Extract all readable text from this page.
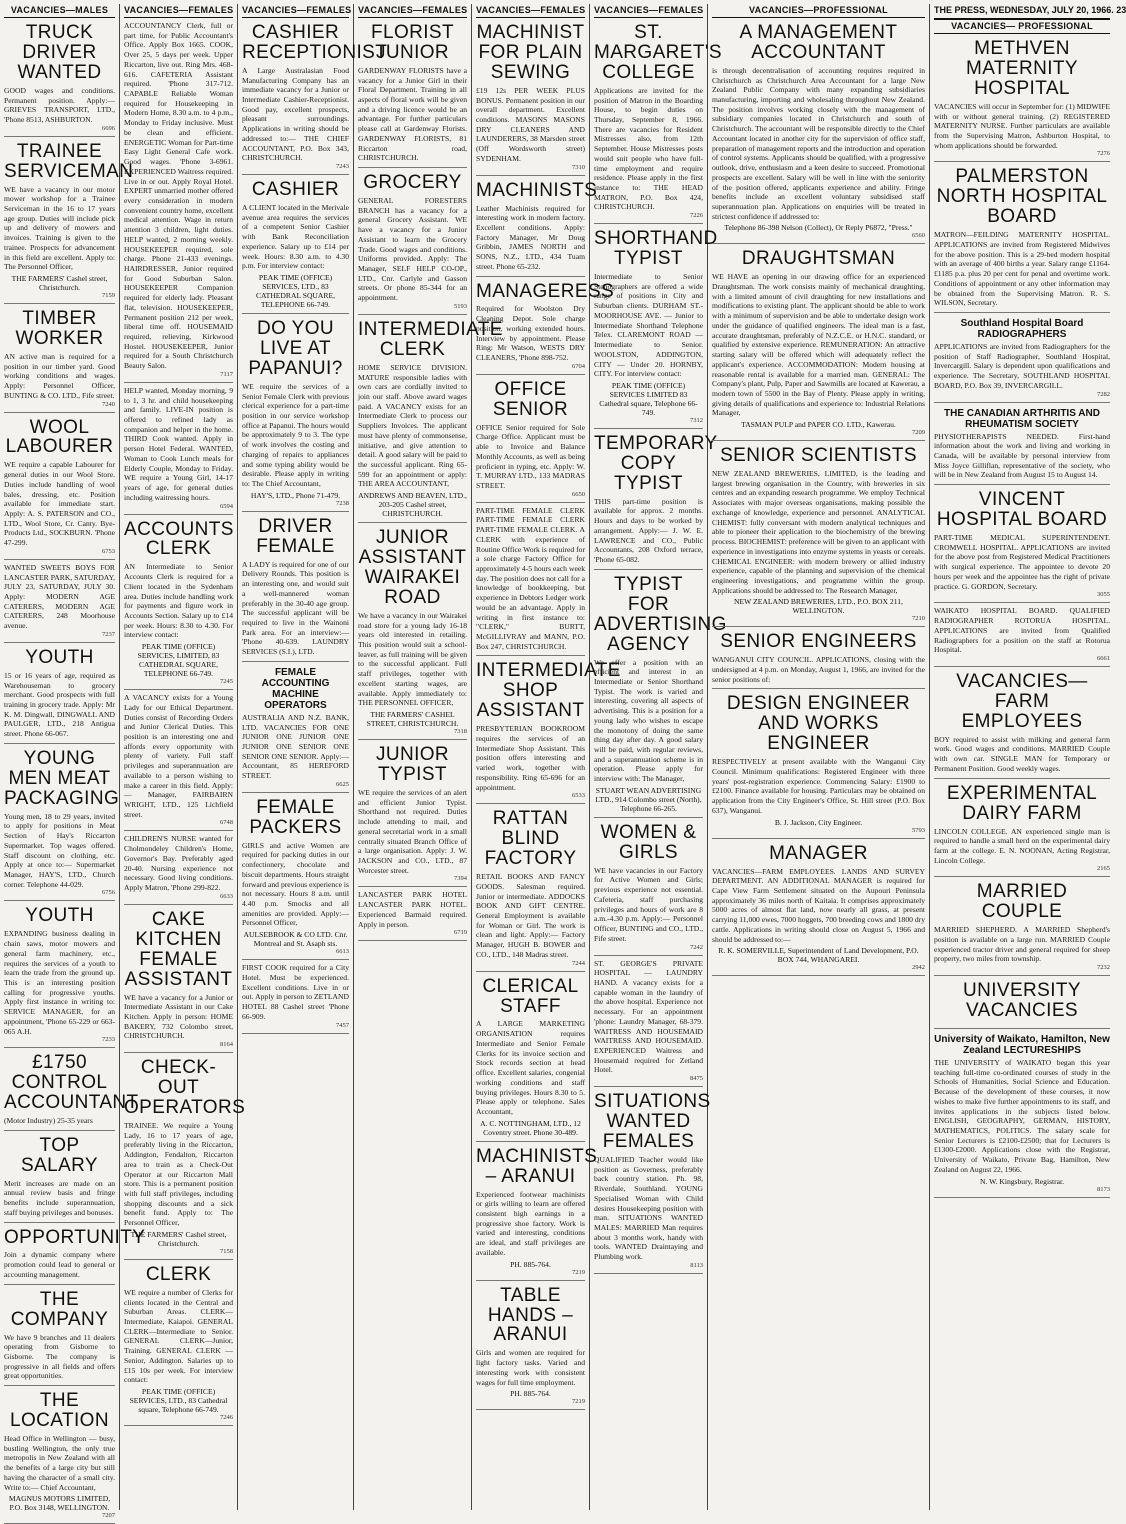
VACANCIES—MALES
TRUCK DRIVER WANTED

GOOD wages and conditions. Permanent position. Apply:— GRIEVES TRANSPORT, LTD., 'Phone 8513, ASHBURTON.

6696
TRAINEE SERVICEMAN

WE have a vacancy in our motor mower workshop for a Trainee Serviceman in the 16 to 17 years age group. Duties will include pick up and delivery of mowers and invoices. Training is given to the trainee. Prospects for advancement in this field are excellent. Apply to: The Personnel Officer,

THE FARMERS' Cashel street, Christchurch.
7159
TIMBER WORKER

AN active man is required for a position in our timber yard. Good working conditions and wages. Apply: Personnel Officer, BUNTING & CO. LTD., Fife street.

7240
WOOL LABOURER

WE require a capable Labourer for general duties in our Wool Store. Duties include handling of wool bales, dressing, etc. Position available for immediate start. Apply: A. S. PATERSON and CO., LTD., Wool Store, Cr. Canty. Bye-Products Ltd., SOCKBURN. 'Phone 47-299.

6753

WANTED SWEETS BOYS FOR LANCASTER PARK, SATURDAY, JULY 23, SATURDAY, JULY 30. Apply: MODERN AGE CATERERS, MODERN AGE CATERERS, 248 Moorhouse avenue.

7237
YOUTH

15 or 16 years of age, required as Warehouseman to grocery merchant. Good prospects with full training in grocery trade. Apply: Mr K. M. Dingwall, DINGWALL AND PAULGER, LTD., 218 Antigua street. Phone 66-067.

YOUNG MEN MEAT PACKAGING

Young men, 18 to 29 years, invited to apply for positions in Meat Section of Hay's Riccarton Supermarket. Top wages offered. Staff discount on clothing, etc. Apply at once to:— Supermarket Manager, HAY'S, LTD., Church corner. Telephone 44-029.

6756
YOUTH

EXPANDING business dealing in chain saws, motor mowers and general farm machinery, etc., requires the services of a youth to learn the trade from the ground up. This is an interesting position calling for progressive youths. Apply first instance in writing to: SERVICE MANAGER, for an appointment, 'Phone 65-229 or 663-065 A.H.

7233
£1750 CONTROL ACCOUNTANT

(Motor Industry) 25-35 years

TOP SALARY

Merit increases are made on an annual review basis and fringe benefits include superannuation, staff buying privileges and bonuses.

OPPORTUNITY

Join a dynamic company where promotion could lead to general or accounting management.

THE COMPANY

We have 9 branches and 11 dealers operating from Gisborne to Gisborne. The company is progressive in all fields and offers great opportunities.

THE LOCATION

Head Office in Wellington — busy, bustling Wellington, the only true metropolis in New Zealand with all the benefits of a large city but still having the character of a small city. Write to:— Chief Accountant,

MAGNUS MOTORS LIMITED, P.O. Box 3148, WELLINGTON.
7207
VACANCIES—FEMALES

ACCOUNTANCY Clerk, full or part time, for Public Accountant's Office. Apply Box 1665. COOK, Over 25, 5 days per week. Upper Riccarton, live out. Ring Mrs. 468-616. CAFETERIA Assistant required. 'Phone 317-712. CAPABLE Reliable Woman required for Housekeeping in Modern Home, 8.30 a.m. to 4 p.m., Monday to Friday inclusive. Must be clean and efficient. ENERGETIC Woman for Part-time Easy Light General Cafe work. Good wages. 'Phone 3-6961. EXPERIENCED Waitress required. Live in or out. Apply Royal Hotel. EXPERT unmarried mother offered every consideration in modern convenient country home, excellent medical attention. Wage in return attention 3 children, light duties. HELP wanted, 2 morning weekly. HOUSEKEEPER required, sole charge. Phone 21-433 evenings. HAIRDRESSER, Junior required for Good Suburban Salon. HOUSEKEEPER Companion required for elderly lady. Pleasant flat, television. HOUSEKEEPER, Permanent position 212 per week, liberal time off. HOUSEMAID required, relieving, Kirkwood Hostel. HOUSEKEEPER, Junior required for a South Christchurch Beauty Salon.

7117

HELP wanted, Monday morning, 9 to 1, 3 hr. and child housekeeping and family. LIVE-IN position is offered to refined lady as companion and helper in the home. THIRD Cook wanted. Apply in person Hotel Federal. WANTED, Woman to Cook Lunch meals for Elderly Couple, Monday to Friday. WE require a Young Girl, 14-17 years of age, for general duties including waitressing hours.

6594
ACCOUNTS CLERK

AN Intermediate to Senior Accounts Clerk is required for a Client located in the Sydenham area. Duties include handling work for payments and figure work in Accounts Section. Salary up to £14 per week. Hours: 8.30 to 4.30. For interview contact:

PEAK TIME (OFFICE) SERVICES, LIMITED, 83 CATHEDRAL SQUARE, TELEPHONE 66-749.
7245

A VACANCY exists for a Young Lady for our Ethical Department. Duties consist of Recording Orders and Junior Clerical Duties. This position is an interesting one and affords every opportunity with plenty of variety. Full staff privileges and superannuation are available to a person wishing to make a career in this field. Apply:— Manager, FAIRBAIRN WRIGHT, LTD., 125 Lichfield street.

6748

CHILDREN'S NURSE wanted for Cholmondeley Children's Home, Governor's Bay. Preferably aged 20-40. Nursing experience not necessary. Good living conditions. Apply Matron, 'Phone 299-822.

6633
CAKE KITCHEN FEMALE ASSISTANT

WE have a vacancy for a Junior or Intermediate Assistant in our Cake Kitchen. Apply in person: HOME BAKERY, 732 Colombo street, CHRISTCHURCH.

8164
CHECK-OUT OPERATORS

TRAINEE. We require a Young Lady, 16 to 17 years of age, preferably living in the Riccarton, Addington, Fendalton, Riccarton area to train as a Check-Out Operator at our Riccarton Mall store. This is a permanent position with full staff privileges, including shopping discounts and a sick benefit fund. Apply to: The Personnel Officer,

THE FARMERS' Cashel street, Christchurch.
7158
CLERK

WE require a number of Clerks for clients located in the Central and Suburban Areas. CLERK—Intermediate, Kaiapoi. GENERAL CLERK—Intermediate to Senior. GENERAL CLERK—Junior, Training. GENERAL CLERK — Senior, Addington. Salaries up to £15 10s per week. For interview contact:

PEAK TIME (OFFICE) SERVICES, LTD., 83 Cathedral square, Telephone 66-749.
7246
VACANCIES—FEMALES
CASHIER RECEPTIONIST

A Large Australasian Food Manufacturing Company has an immediate vacancy for a Junior or Intermediate Cashier-Receptionist. Good pay, excellent prospects, pleasant surroundings. Applications in writing should be addressed to:— THE CHIEF ACCOUNTANT, P.O. Box 343, CHRISTCHURCH.

7243
CASHIER

A CLIENT located in the Merivale avenue area requires the services of a competent Senior Cashier with Bank Reconciliation experience. Salary up to £14 per week. Hours: 8.30 a.m. to 4.30 p.m. For interview contact:

PEAK TIME (OFFICE) SERVICES, LTD., 83 CATHEDRAL SQUARE, TELEPHONE 66-749.
DO YOU LIVE AT PAPANUI?

WE require the services of a Senior Female Clerk with previous clerical experience for a part-time position in our service workshop office at Papanui. The hours would be approximately 9 to 3. The type of work involves the costing and charging of repairs to appliances and some typing ability would be desirable. Please apply in writing to: The Chief Accountant,

HAY'S, LTD., Phone 71-479.
7238
DRIVER FEMALE

A LADY is required for one of our Delivery Rounds. This position is an interesting one, and would suit a well-mannered woman preferably in the 30-40 age group. The successful applicant will be required to live in the Wainoni Park area. For an interview:— 'Phone 40-639. LAUNDRY SERVICES (S.I.), LTD.

FEMALE ACCOUNTING MACHINE OPERATORS

AUSTRALIA AND N.Z. BANK, LTD. VACANCIES FOR ONE JUNIOR ONE JUNIOR ONE JUNIOR ONE SENIOR ONE SENIOR ONE SENIOR. Apply:— Accountant, 85 HEREFORD STREET.

6625
FEMALE PACKERS

GIRLS and active Women are required for packing duties in our confectionery, chocolate and biscuit departments. Hours straight forward and previous experience is not necessary. Hours 8 a.m. until 4.40 p.m. Smocks and all amenities are provided. Apply:— Personnel Officer,

AULSEBROOK & CO LTD. Cnr. Montreal and St. Asaph sts.
6613

FIRST COOK required for a City Hotel. Must be experienced. Excellent conditions. Live in or out. Apply in person to ZETLAND HOTEL 88 Cashel street 'Phone 66-909.

7457
VACANCIES—FEMALES
FLORIST JUNIOR

GARDENWAY FLORISTS have a vacancy for a Junior Girl in their Floral Department. Training in all aspects of floral work will be given and a driving licence would be an advantage. For further particulars please call at Gardenway Florists. GARDENWAY FLORISTS, 81 Riccarton road, CHRISTCHURCH.

GROCERY

GENERAL FORESTERS BRANCH has a vacancy for a general Grocery Assistant. WE have a vacancy for a Junior Assistant to learn the Grocery Trade. Good wages and conditions. Uniforms provided. Apply: The Manager, SELF HELP CO-OP., LTD., Cnr. Carlyle and Gasson streets. Or phone 85-344 for an appointment.

5193
INTERMEDIATE CLERK

HOME SERVICE DIVISION. MATURE responsible ladies with own cars are cordially invited to join our staff. Above award wages paid. A VACANCY exists for an Intermediate Clerk to process our Suppliers Invoices. The applicant must have plenty of commonsense, initiative, and give attention to detail. A good salary will be paid to the successful applicant. Ring 65-599 for an appointment or apply: THE AREA ACCOUNTANT,

ANDREWS AND BEAVEN, LTD., 203-205 Cashel street, CHRISTCHURCH.
JUNIOR ASSISTANT WAIRAKEI ROAD

We have a vacancy in our Wairakei road store for a young lady 16-18 years old interested in retailing. This position would suit a school-leaver, as full training will be given to the successful applicant. Full staff privileges, together with excellent starting wages, are available. Apply immediately to: THE PERSONNEL OFFICER,

THE FARMERS' CASHEL STREET, CHRISTCHURCH.
7318
JUNIOR TYPIST

WE require the services of an alert and efficient Junior Typist. Shorthand not required. Duties include attending to mail, and general secretarial work in a small centrally situated Branch Office of a large organisation. Apply: J. W. JACKSON and CO., LTD., 87 Worcester street.

7394

LANCASTER PARK HOTEL LANCASTER PARK HOTEL. Experienced Barmaid required. Apply in person.

6719
VACANCIES—FEMALES
MACHINIST FOR PLAIN SEWING

£19 12s PER WEEK PLUS BONUS. Permanent position in our overall department. Excellent conditions. MASONS MASONS DRY CLEANERS AND LAUNDERERS, 38 Marsden street (Off Wordsworth street) SYDENHAM.

7310
MACHINISTS

Leather Machinists required for interesting work in modern factory. Excellent conditions. Apply: Factory Manager, Mr Doug Gribbin, JAMES NORTH and SONS, N.Z., LTD., 434 Tuam street. Phone 65-232.

MANAGERESS

Required for Woolston Dry Cleaning Depot. Sole charge position, working extended hours. Interview by appointment. Please Ring: Mr Watson, WESTS DRY CLEANERS, 'Phone 898-752.

6704
OFFICE SENIOR

OFFICE Senior required for Sole Charge Office. Applicant must be able to Invoice and Balance Monthly Accounts, as well as being proficient in typing, etc. Apply: W. T. MURRAY LTD., 133 MADRAS STREET.

6650

PART-TIME FEMALE CLERK PART-TIME FEMALE CLERK PART-TIME FEMALE CLERK. A CLERK with experience of Routine Office Work is required for a sole charge Factory Office for approximately 4-5 hours each week day. The position does not call for a knowledge of bookkeeping, but experience in Debtors Ledger work would be an advantage. Apply in writing in first instance to: "CLERK," BURTT, McGILLIVRAY and MANN, P.O. Box 247, CHRISTCHURCH.

INTERMEDIATE SHOP ASSISTANT

PRESBYTERIAN BOOKROOM requires the services of an Intermediate Shop Assistant. This position offers interesting and varied work, together with responsibility. Ring 65-696 for an appointment.

6533
RATTAN BLIND FACTORY

RETAIL BOOKS AND FANCY GOODS. Salesman required. Junior or intermediate. ADDOCKS BOOK AND GIFT CENTRE. General Employment is available for Woman or Girl. The work is clean and light. Apply:— Factory Manager, HUGH B. BOWER and CO., LTD., 148 Madras street.

7244
CLERICAL STAFF

A LARGE MARKETING ORGANISATION requires Intermediate and Senior Female Clerks for its invoice section and Stock records section at head office. Excellent salaries, congenial working conditions and staff buying privileges. Hours 8.30 to 5. Please apply or telephone. Sales Accountant,

A. C. NOTTINGHAM, LTD., 12 Coventry street. Phone 30-489.
MACHINISTS – ARANUI

Experienced footwear machinists or girls willing to learn are offered consistent high earnings in a progressive shoe factory. Work is varied and interesting, conditions are ideal, and staff privileges are available.

PH. 885-764.
7219
TABLE HANDS – ARANUI

Girls and women are required for light factory tasks. Varied and interesting work with consistent wages for full time employment.

PH. 885-764.
7219
VACANCIES—FEMALES
ST. MARGARET'S COLLEGE

Applications are invited for the position of Matron in the Boarding House, to begin duties on Thursday, September 8, 1966. There are vacancies for Resident Mistresses also, from 12th September. House Mistresses posts would suit people who have full-time employment and require residence. Please apply in the first instance to: THE HEAD MATRON, P.O. Box 424, CHRISTCHURCH.

7226
SHORTHAND TYPIST

Intermediate to Senior Stenographers are offered a wide range of positions in City and Suburban clients. DURHAM ST.-MOORHOUSE AVE. — Junior to Intermediate Shorthand Telephone Telex. CLAREMONT ROAD — Intermediate to Senior. WOOLSTON, ADDINGTON, CITY — Under 20. HORNBY, CITY. For interview contact:

PEAK TIME (OFFICE) SERVICES LIMITED 83 Cathedral square, Telephone 66-749.
7312
TEMPORARY COPY TYPIST

THIS part-time position is available for approx. 2 months. Hours and days to be worked by arrangement. Apply:— J. W. E. LAWRENCE and CO., Public Accountants, 208 Oxford terrace, 'Phone 65-082.

TYPIST FOR ADVERTISING AGENCY

We offer a position with an efficient and interest in an Intermediate or Senior Shorthand Typist. The work is varied and interesting, covering all aspects of advertising. This is a position for a young lady who wishes to escape the monotony of doing the same thing day after day. A good salary will be paid, with regular reviews, and a superannuation scheme is in operation. Please apply for interview with: The Manager,

STUART WEAN ADVERTISING LTD., 914 Colombo street (North), Telephone 66-265.
WOMEN & GIRLS

WE have vacancies in our Factory for Active Women and Girls; previous experience not essential. Cafeteria, staff purchasing privileges and hours of work are 8 a.m.-4.30 p.m. Apply:— Personnel Officer, BUNTING and CO., LTD., Fife street.

7242

ST. GEORGE'S PRIVATE HOSPITAL — LAUNDRY HAND. A vacancy exists for a capable woman in the laundry of the above hospital. Experience not necessary. For an appointment 'phone: Laundry Manager, 68-379. WAITRESS AND HOUSEMAID WAITRESS AND HOUSEMAID. EXPERIENCED Waitress and Housemaid required for Zetland Hotel.

8475
SITUATIONS WANTED FEMALES

QUALIFIED Teacher would like position as Governess, preferably back country station. Ph. 98, Riverdale, Southland. YOUNG Specialised Woman with Child desires Housekeeping position with man. SITUATIONS WANTED MALES: MARRIED Man requires about 3 months work, handy with tools. WANTED Draintaying and Plumbing work.

8113
VACANCIES—PROFESSIONAL
A MANAGEMENT ACCOUNTANT

is through decentralisation of accounting requires required in Christchurch as Christchurch Area Accountant for a large New Zealand Public Company with many expanding subsidiaries manufacturing, importing and wholesaling throughout New Zealand. The position involves working closely with the management of subsidiary companies located in Christchurch and south of Christchurch. The accountant will be responsible directly to the Chief Accountant located in another city for the supervision of office staff, preparation of management reports and the introduction and operation of control systems. Applicants should be qualified, with a progressive outlook, drive, enthusiasm and a keen desire to succeed. Promotional prospects are excellent. Salary will be well in line with the seniority of the position offered, applicants experience and ability. Fringe benefits include an excellent voluntary subsidised staff superannuation plan. Applications on enquiries will be treated in strictest confidence if addressed to:

Telephone 86-398 Nelson (Collect), Or Reply P6872, "Press."
6560
DRAUGHTSMAN

WE HAVE an opening in our drawing office for an experienced Draughtsman. The work consists mainly of mechanical draughting, with a limited amount of civil draughting for new installations and modifications to existing plant. The applicant should be able to work with a minimum of supervision and be able to undertake design work under the guidance of qualified engineers. The ideal man is a fast, accurate draughtsman, preferably of N.Z.C.E. or H.N.C. standard, or qualified by extensive experience. REMUNERATION: An attractive starting salary will be offered which will adequately reflect the applicant's experience. ACCOMMODATION: Modern housing at reasonable rental is available for a married man. GENERAL: The Company's plant, Pulp, Paper and Sawmills are located at Kawerau, a modern town of 5500 in the Bay of Plenty. Please apply in writing, giving details of qualifications and experience to: Industrial Relations Manager,

TASMAN PULP and PAPER CO. LTD., Kawerau.
7209
SENIOR SCIENTISTS

NEW ZEALAND BREWERIES, LIMITED, is the leading and largest brewing organisation in the Country, with breweries in six centres and an expanding research programme. We employ Technical Associates with major overseas organisations, making possible the exchange of knowledge, experience and personnel. ANALYTICAL CHEMIST: fully conversant with modern analytical techniques and able to pioneer their application to the biochemistry of the brewing process. BIOCHEMIST: preference will be given to an applicant with experience in investigations into enzyme systems in yeasts or cereals. CHEMICAL ENGINEER: with modern brewery or allied industry experience, capable of the planning and supervision of the chemical engineering investigations, and programme within the group. Applications should be addressed to: The Research Manager,

NEW ZEALAND BREWERIES, LTD., P.O. BOX 211, WELLINGTON.
7210
SENIOR ENGINEERS

WANGANUI CITY COUNCIL. APPLICATIONS, closing with the undersigned at 4 p.m. on Monday, August 1, 1966, are invited for the senior positions of:

DESIGN ENGINEER AND WORKS ENGINEER

RESPECTIVELY at present available with the Wanganui City Council. Minimum qualifications: Registered Engineer with three years' post-registration experience. Commencing Salary: £1900 to £2100. Finance available for housing. Particulars may be obtained on application from the City Engineer's Office, St. Hill street (P.O. Box 637), Wanganui.

B. J. Jackson, City Engineer.
5793
MANAGER

VACANCIES—FARM EMPLOYEES. LANDS AND SURVEY DEPARTMENT. AN ADDITIONAL MANAGER is required for Cape View Farm Settlement situated on the Aupouri Peninsula approximately 36 miles north of Kaitaia. It comprises approximately 5000 acres of almost flat land, now nearly all grass, at present carrying 11,000 ewes, 7000 hoggets, 700 breeding cows and 1800 dry cattle. Applications in writing should close on August 5, 1966 and should be addressed to:—

R. K. SOMERVILLE, Superintendent of Land Development, P.O. BOX 744, WHANGAREI.
2942
THE PRESS, WEDNESDAY, JULY 20, 1966. 23
VACANCIES— PROFESSIONAL
METHVEN MATERNITY HOSPITAL

VACANCIES will occur in September for: (1) MIDWIFE with or without general training. (2) REGISTERED MATERNITY NURSE. Further particulars are available from the Supervising Matron, Ashburton Hospital, to whom applications should be forwarded.

7276
PALMERSTON NORTH HOSPITAL BOARD

MATRON—FEILDING MATERNITY HOSPITAL. APPLICATIONS are invited from Registered Midwives for the above position. This is a 29-bed modern hospital with an average of 400 births a year. Salary range £1164-£1185 p.a. plus 20 per cent for penal and overtime work. Conditions of appointment or any other information may be obtained from the Supervising Matron. R. S. WILSON, Secretary.

Southland Hospital Board RADIOGRAPHERS

APPLICATIONS are invited from Radiographers for the position of Staff Radiographer, Southland Hospital, Invercargill. Salary is dependent upon qualifications and experience. The Secretary, SOUTHLAND HOSPITAL BOARD, P.O. Box 39, INVERCARGILL.

7282
THE CANADIAN ARTHRITIS AND RHEUMATISM SOCIETY

PHYSIOTHERAPISTS NEEDED. First-hand information about the work and living and working in Canada, will be available by personal interview from Miss Joyce Gilliflan, representative of the society, who will be in New Zealand from August 15 to August 14.

VINCENT HOSPITAL BOARD

PART-TIME MEDICAL SUPERINTENDENT. CROMWELL HOSPITAL. APPLICATIONS are invited for the above post from Registered Medical Practitioners with surgical experience. The appointee to devote 20 hours per week and the appointee has the right of private practice. G. GORDON, Secretary.

3055

WAIKATO HOSPITAL BOARD. QUALIFIED RADIOGRAPHER ROTORUA HOSPITAL. APPLICATIONS are invited from Qualified Radiographers for a position on the staff at Rotorua Hospital.

6661
VACANCIES—FARM EMPLOYEES

BOY required to assist with milking and general farm work. Good wages and conditions. MARRIED Couple with own car. SINGLE MAN for Temporary or Permanent Position. Good weekly wages.

EXPERIMENTAL DAIRY FARM

LINCOLN COLLEGE. AN experienced single man is required to handle a small herd on the experimental dairy farm at the college. E. N. NOONAN, Acting Registrar, Lincoln College.

2165
MARRIED COUPLE

MARRIED SHEPHERD. A MARRIED Shepherd's position is available on a large run. MARRIED Couple experienced tractor driver and general required for sheep property, two miles from township.

7232
UNIVERSITY VACANCIES
University of Waikato, Hamilton, New Zealand LECTURESHIPS

THE UNIVERSITY of WAIKATO began this year teaching full-time co-ordinated courses of study in the Schools of Humanities, Social Science and Education. Because of the development of these courses, it now wishes to make five further appointments to its staff, and invites applications in the subjects listed below. ENGLISH, GEOGRAPHY, GERMAN, HISTORY, MATHEMATICS, POLITICS. The salary scale for Senior Lecturers is £2100-£2500; that for Lecturers is £1300-£2000. Applications close with the Registrar, University of Waikato, Private Bag, Hamilton, New Zealand on August 22, 1966.

N. W. Kingsbury, Registrar.
8173
